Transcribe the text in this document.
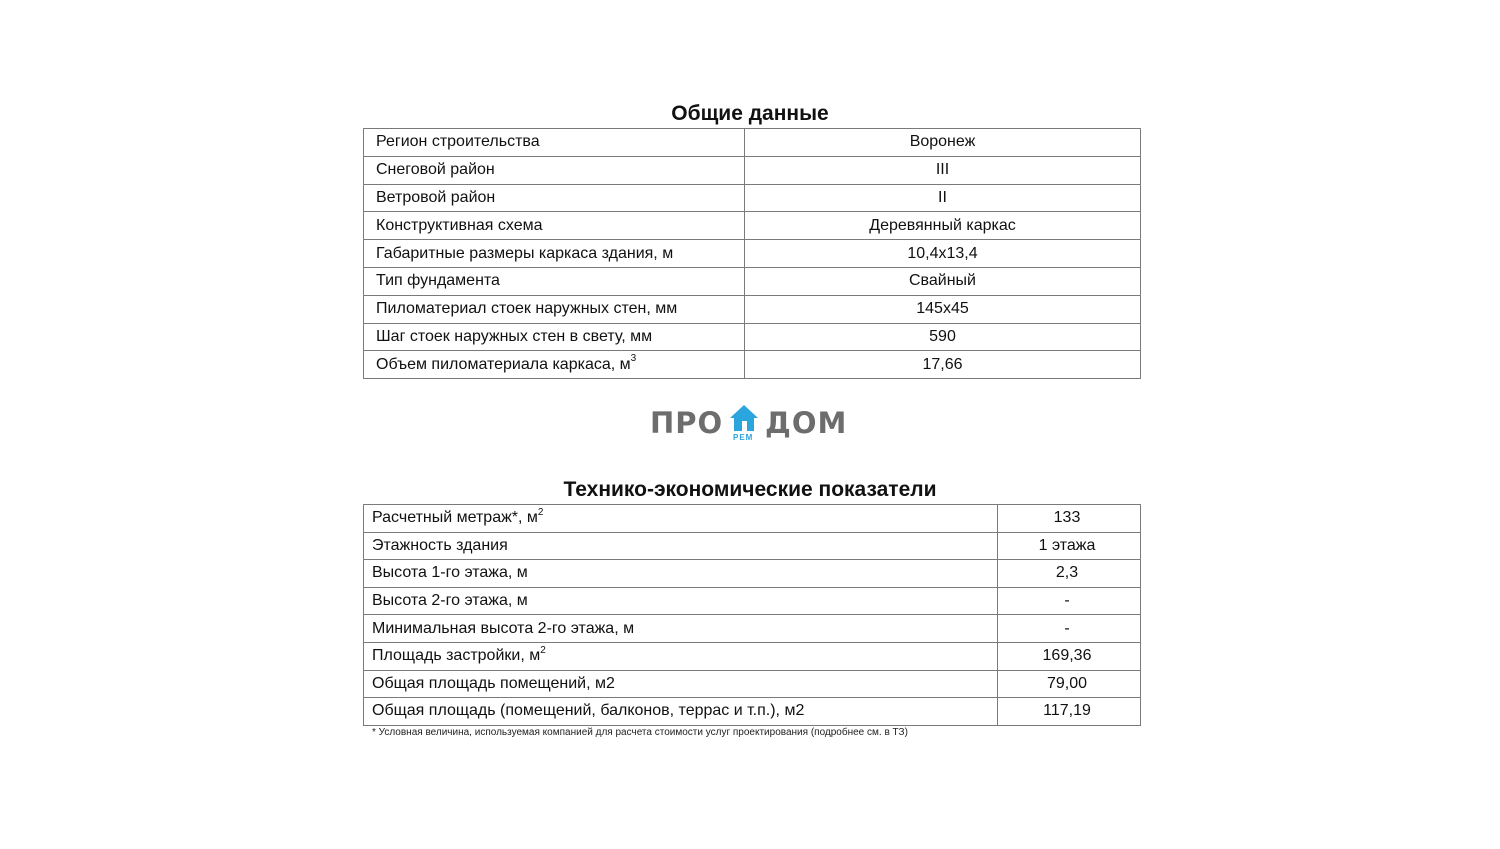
Общие данные
Регион строительства	Воронеж
Снеговой район	III
Ветровой район	II
Конструктивная схема	Деревянный каркас
Габаритные размеры каркаса здания, м	10,4х13,4
Тип фундамента	Свайный
Пиломатериал стоек наружных стен, мм	145х45
Шаг стоек наружных стен в свету, мм	590
Объем пиломатериала каркаса, $м^3$	17,66
ПРО РЕМ ДОМ
Технико-экономические показатели
Расчетный метраж*, $м^2$	133
Этажность здания	1 этажа
Высота 1-го этажа, м	2,3
Высота 2-го этажа, м	-
Минимальная высота 2-го этажа, м	-
Площадь застройки, $м^2$	169,36
Общая площадь помещений, м2	79,00
Общая площадь (помещений, балконов, террас и т.п.), м2	117,19

* Условная величина, используемая компанией для расчета стоимости услуг проектирования (подробнее см. в ТЗ)
